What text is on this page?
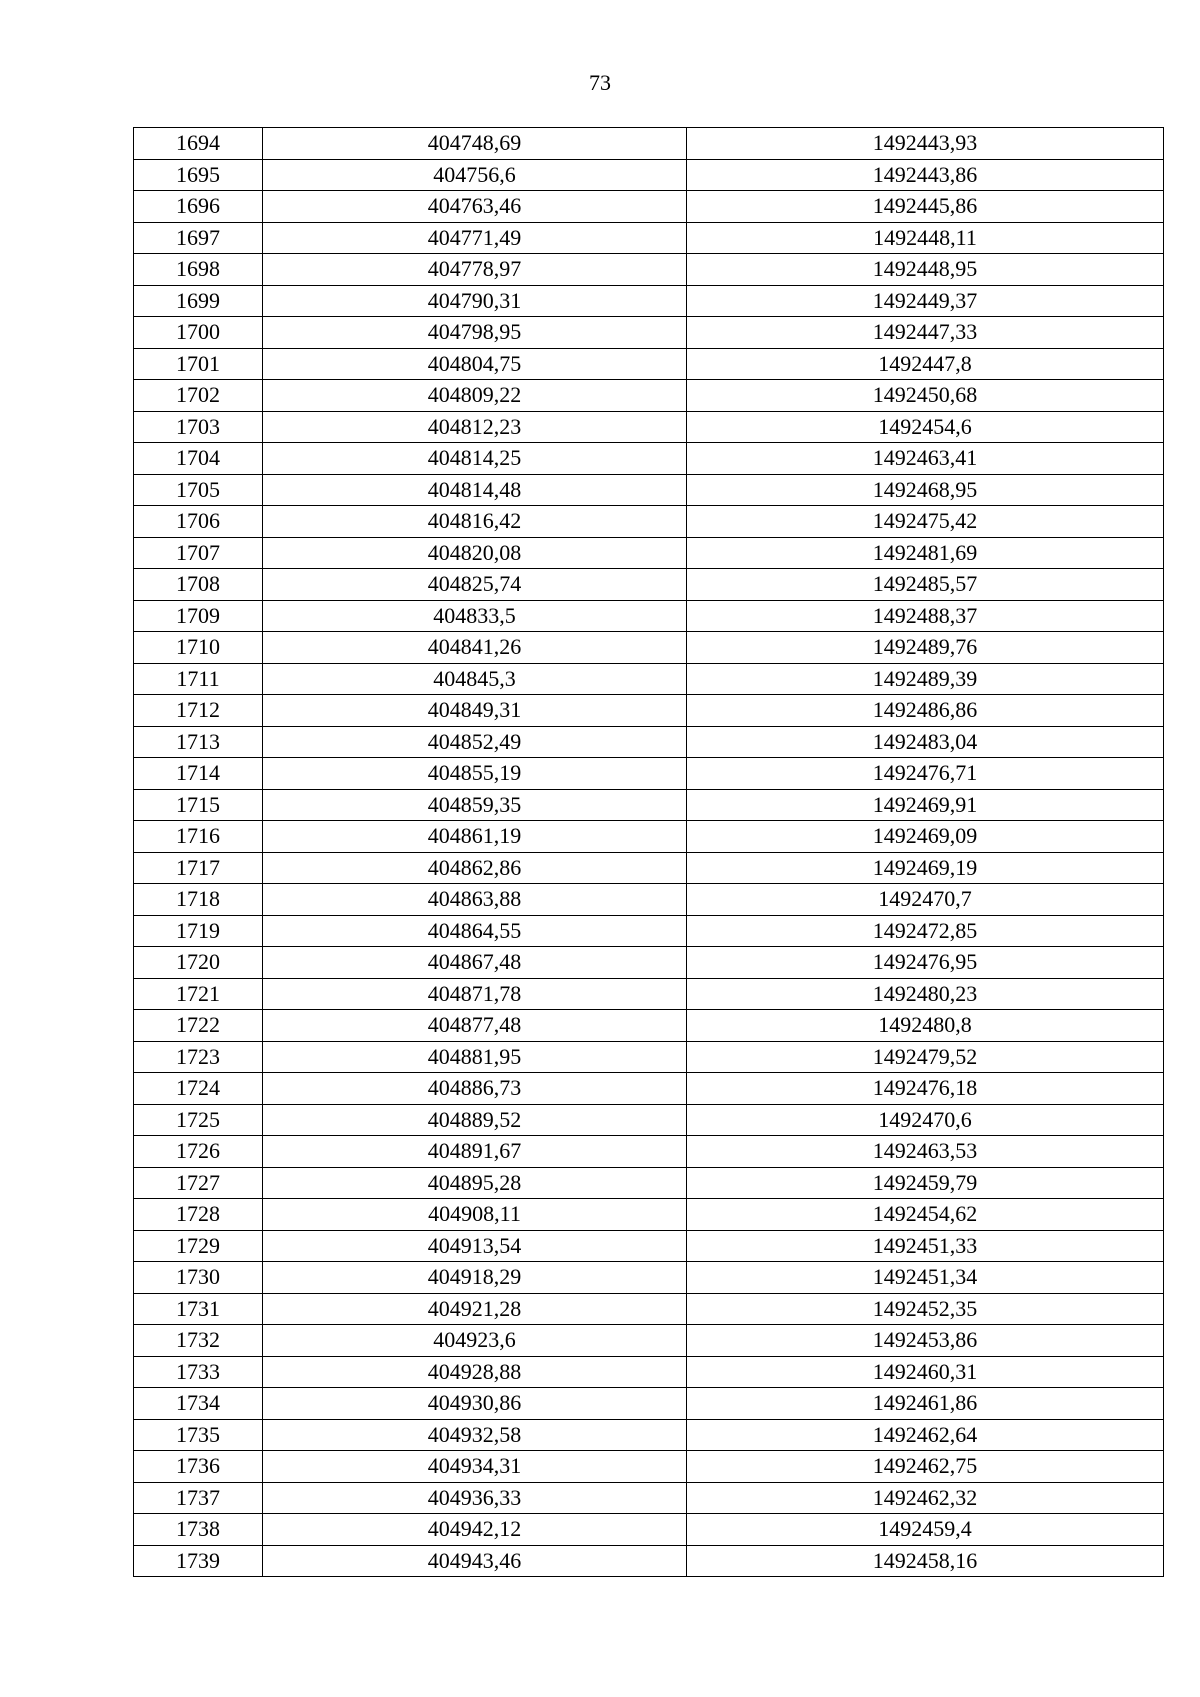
73
1694	404748,69	1492443,93
1695	404756,6	1492443,86
1696	404763,46	1492445,86
1697	404771,49	1492448,11
1698	404778,97	1492448,95
1699	404790,31	1492449,37
1700	404798,95	1492447,33
1701	404804,75	1492447,8
1702	404809,22	1492450,68
1703	404812,23	1492454,6
1704	404814,25	1492463,41
1705	404814,48	1492468,95
1706	404816,42	1492475,42
1707	404820,08	1492481,69
1708	404825,74	1492485,57
1709	404833,5	1492488,37
1710	404841,26	1492489,76
1711	404845,3	1492489,39
1712	404849,31	1492486,86
1713	404852,49	1492483,04
1714	404855,19	1492476,71
1715	404859,35	1492469,91
1716	404861,19	1492469,09
1717	404862,86	1492469,19
1718	404863,88	1492470,7
1719	404864,55	1492472,85
1720	404867,48	1492476,95
1721	404871,78	1492480,23
1722	404877,48	1492480,8
1723	404881,95	1492479,52
1724	404886,73	1492476,18
1725	404889,52	1492470,6
1726	404891,67	1492463,53
1727	404895,28	1492459,79
1728	404908,11	1492454,62
1729	404913,54	1492451,33
1730	404918,29	1492451,34
1731	404921,28	1492452,35
1732	404923,6	1492453,86
1733	404928,88	1492460,31
1734	404930,86	1492461,86
1735	404932,58	1492462,64
1736	404934,31	1492462,75
1737	404936,33	1492462,32
1738	404942,12	1492459,4
1739	404943,46	1492458,16
